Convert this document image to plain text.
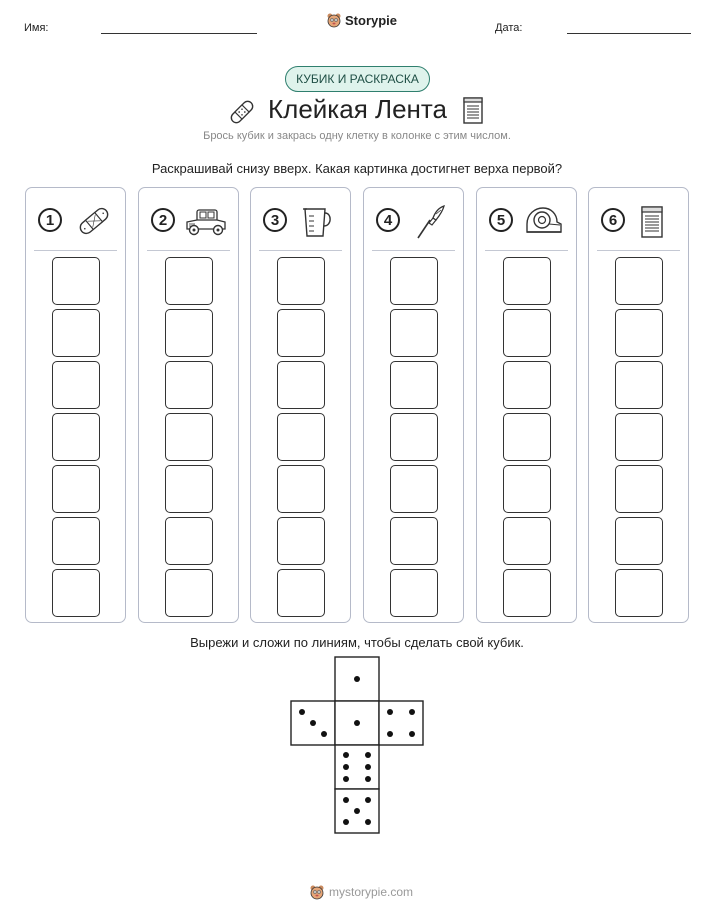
Имя:
Storypie
Дата:
КУБИК И РАСКРАСКА
Клейкая Лента
Брось кубик и закрась одну клетку в колонке с этим числом.
Раскрашивай снизу вверх. Какая картинка достигнет верха первой?
1	2	3	4	5	6
Вырежи и сложи по линиям, чтобы сделать свой кубик.
mystorypie.com
